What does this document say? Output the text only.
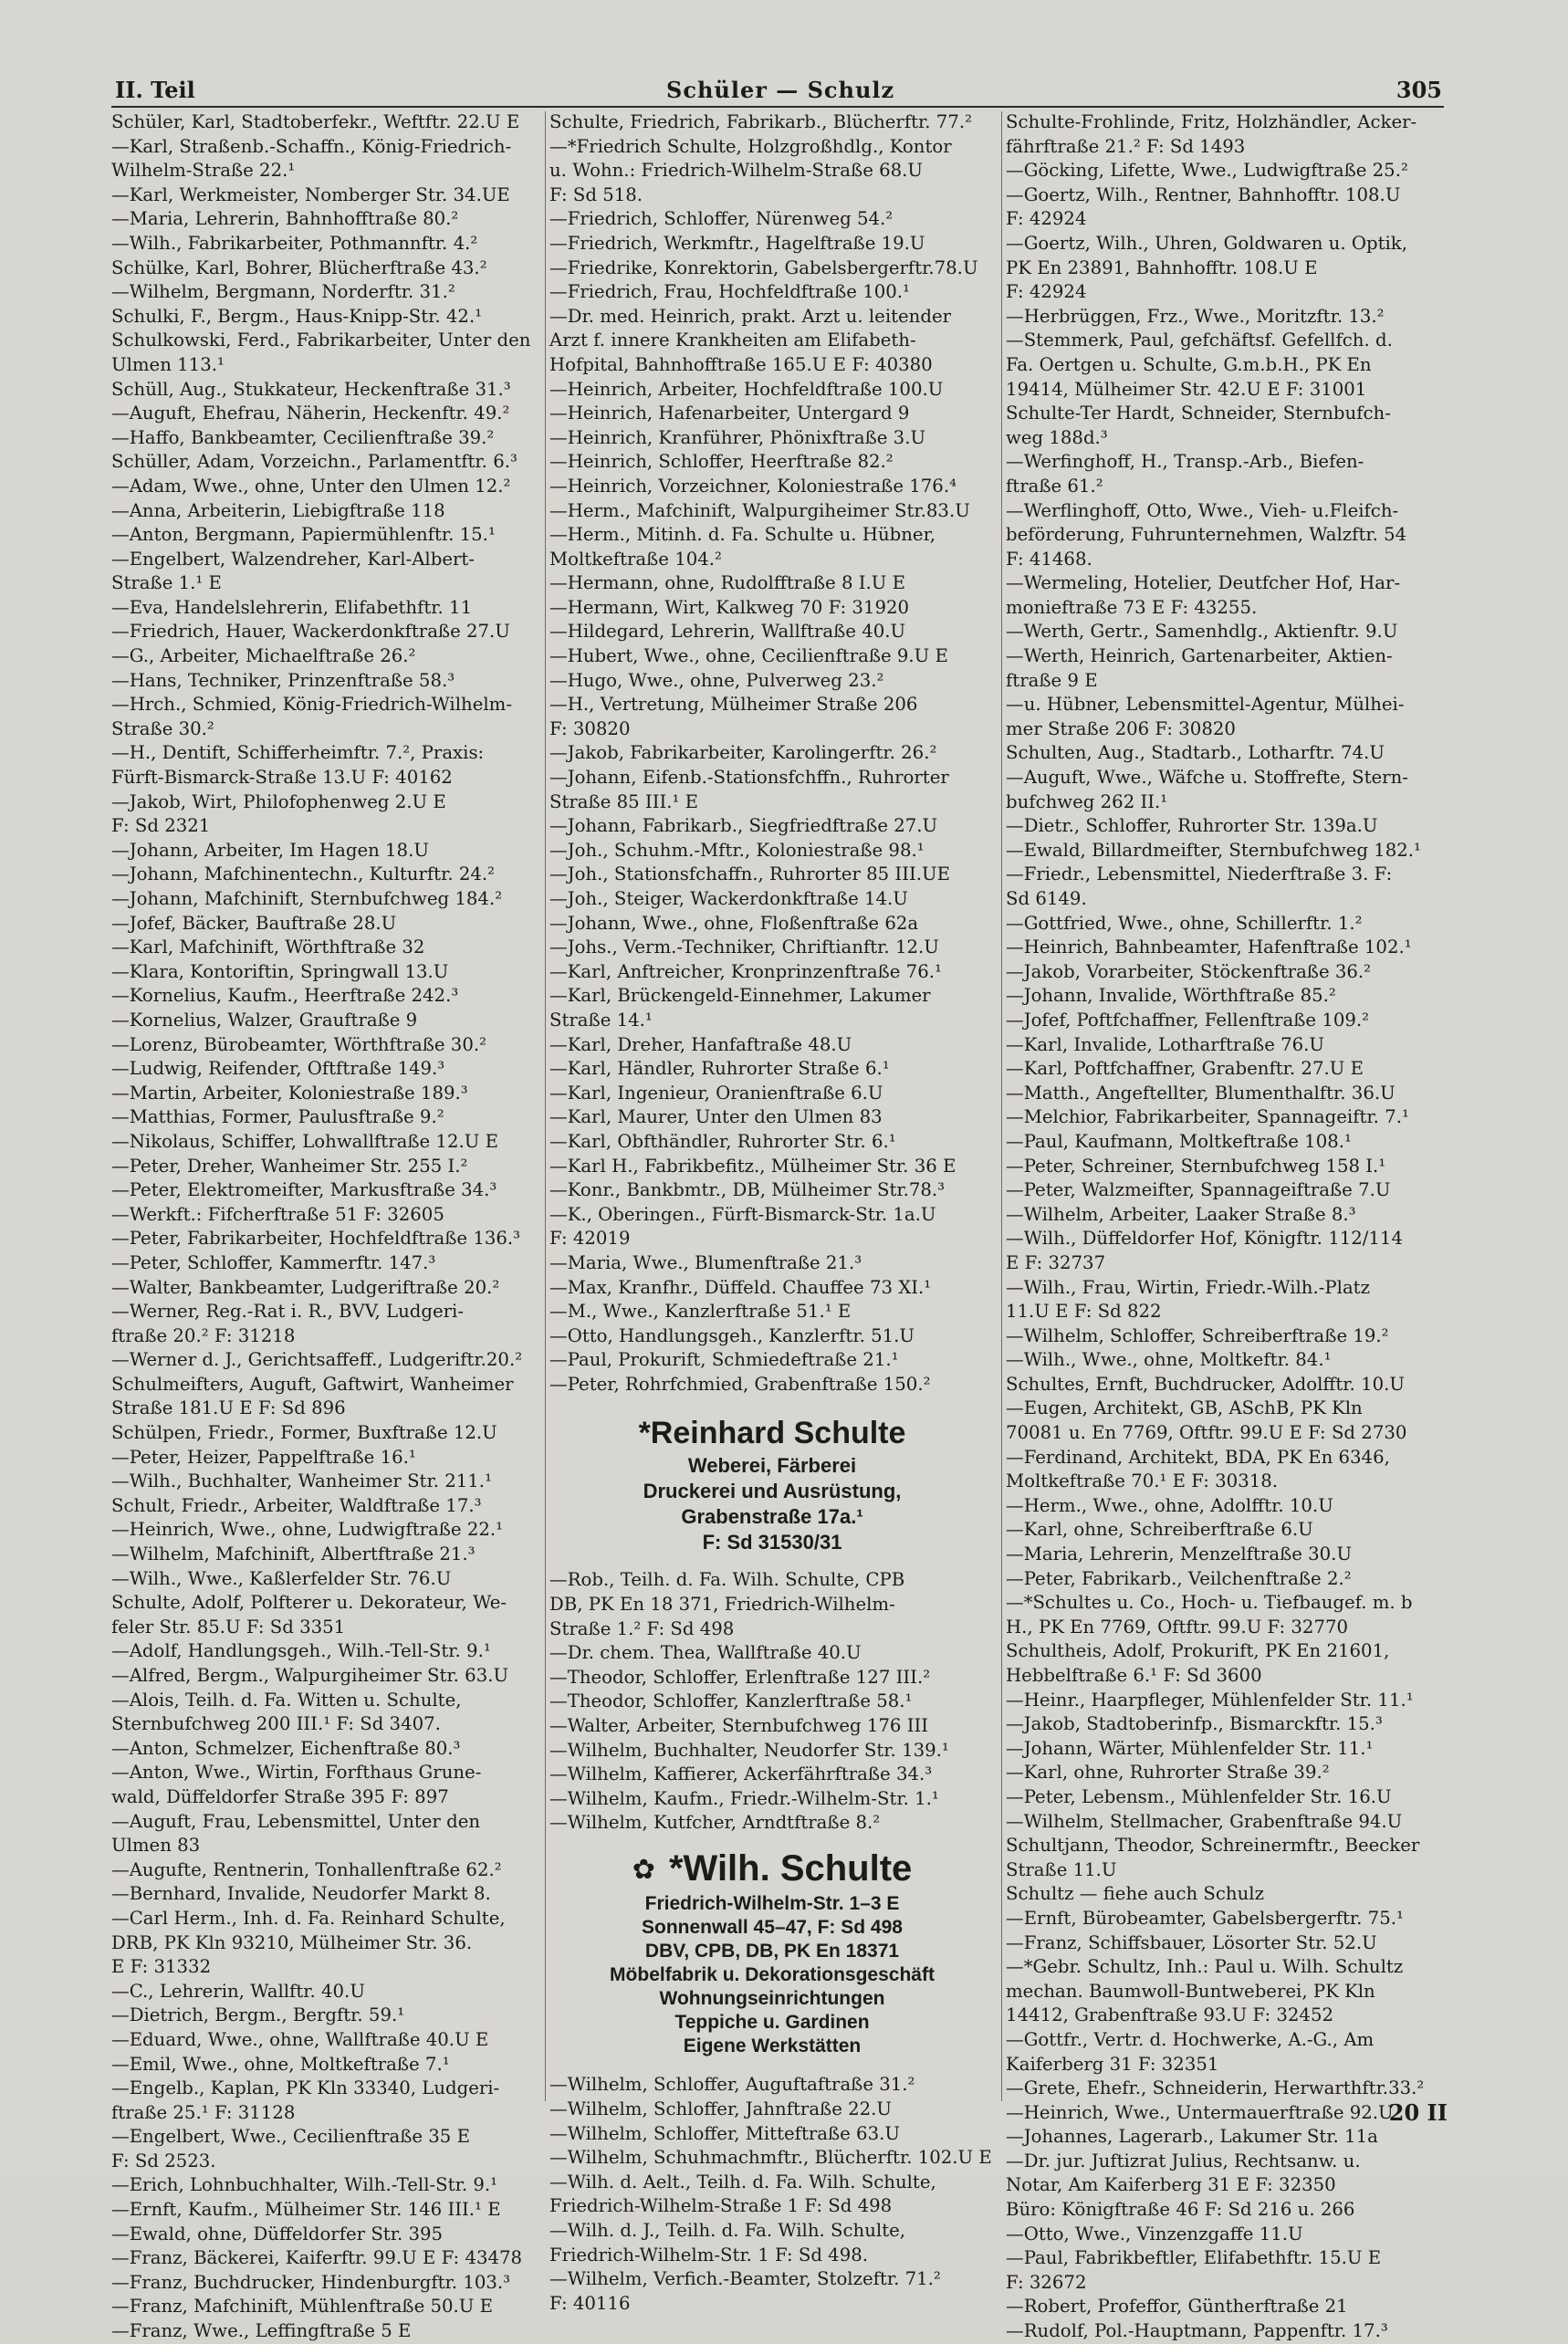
II. Teil	Schüler — Schulz	305
Schüler, Karl, Stadtoberfekr., Weftftr. 22.U E
—Karl, Straßenb.-Schaffn., König-Friedrich-
Wilhelm-Straße 22.¹
—Karl, Werkmeister, Nomberger Str. 34.UE
—Maria, Lehrerin, Bahnhofftraße 80.²
—Wilh., Fabrikarbeiter, Pothmannftr. 4.²
Schülke, Karl, Bohrer, Blücherftraße 43.²
—Wilhelm, Bergmann, Norderftr. 31.²
Schulki, F., Bergm., Haus-Knipp-Str. 42.¹
Schulkowski, Ferd., Fabrikarbeiter, Unter den
Ulmen 113.¹
Schüll, Aug., Stukkateur, Heckenftraße 31.³
—Auguft, Ehefrau, Näherin, Heckenftr. 49.²
—Haffo, Bankbeamter, Cecilienftraße 39.²
Schüller, Adam, Vorzeichn., Parlamentftr. 6.³
—Adam, Wwe., ohne, Unter den Ulmen 12.²
—Anna, Arbeiterin, Liebigftraße 118
—Anton, Bergmann, Papiermühlenftr. 15.¹
—Engelbert, Walzendreher, Karl-Albert-
Straße 1.¹ E
—Eva, Handelslehrerin, Elifabethftr. 11
—Friedrich, Hauer, Wackerdonkftraße 27.U
—G., Arbeiter, Michaelftraße 26.²
—Hans, Techniker, Prinzenftraße 58.³
—Hrch., Schmied, König-Friedrich-Wilhelm-
Straße 30.²
—H., Dentift, Schifferheimftr. 7.², Praxis:
Fürft-Bismarck-Straße 13.U F: 40162
—Jakob, Wirt, Philofophenweg 2.U E
F: Sd 2321
—Johann, Arbeiter, Im Hagen 18.U
—Johann, Mafchinentechn., Kulturftr. 24.²
—Johann, Mafchinift, Sternbufchweg 184.²
—Jofef, Bäcker, Bauftraße 28.U
—Karl, Mafchinift, Wörthftraße 32
—Klara, Kontoriftin, Springwall 13.U
—Kornelius, Kaufm., Heerftraße 242.³
—Kornelius, Walzer, Grauftraße 9
—Lorenz, Bürobeamter, Wörthftraße 30.²
—Ludwig, Reifender, Oftftraße 149.³
—Martin, Arbeiter, Koloniestraße 189.³
—Matthias, Former, Paulusftraße 9.²
—Nikolaus, Schiffer, Lohwallftraße 12.U E
—Peter, Dreher, Wanheimer Str. 255 I.²
—Peter, Elektromeifter, Markusftraße 34.³
—Werkft.: Fifcherftraße 51 F: 32605
—Peter, Fabrikarbeiter, Hochfeldftraße 136.³
—Peter, Schloffer, Kammerftr. 147.³
—Walter, Bankbeamter, Ludgeriftraße 20.²
—Werner, Reg.-Rat i. R., BVV, Ludgeri-
ftraße 20.² F: 31218
—Werner d. J., Gerichtsaffeff., Ludgeriftr.20.²
Schulmeifters, Auguft, Gaftwirt, Wanheimer
Straße 181.U E F: Sd 896
Schülpen, Friedr., Former, Buxftraße 12.U
—Peter, Heizer, Pappelftraße 16.¹
—Wilh., Buchhalter, Wanheimer Str. 211.¹
Schult, Friedr., Arbeiter, Waldftraße 17.³
—Heinrich, Wwe., ohne, Ludwigftraße 22.¹
—Wilhelm, Mafchinift, Albertftraße 21.³
—Wilh., Wwe., Kaßlerfelder Str. 76.U
Schulte, Adolf, Polfterer u. Dekorateur, We-
feler Str. 85.U F: Sd 3351
—Adolf, Handlungsgeh., Wilh.-Tell-Str. 9.¹
—Alfred, Bergm., Walpurgiheimer Str. 63.U
—Alois, Teilh. d. Fa. Witten u. Schulte,
Sternbufchweg 200 III.¹ F: Sd 3407.
—Anton, Schmelzer, Eichenftraße 80.³
—Anton, Wwe., Wirtin, Forfthaus Grune-
wald, Düffeldorfer Straße 395 F: 897
—Auguft, Frau, Lebensmittel, Unter den
Ulmen 83
—Augufte, Rentnerin, Tonhallenftraße 62.²
—Bernhard, Invalide, Neudorfer Markt 8.
—Carl Herm., Inh. d. Fa. Reinhard Schulte,
DRB, PK Kln 93210, Mülheimer Str. 36.
E F: 31332
—C., Lehrerin, Wallftr. 40.U
—Dietrich, Bergm., Bergftr. 59.¹
—Eduard, Wwe., ohne, Wallftraße 40.U E
—Emil, Wwe., ohne, Moltkeftraße 7.¹
—Engelb., Kaplan, PK Kln 33340, Ludgeri-
ftraße 25.¹ F: 31128
—Engelbert, Wwe., Cecilienftraße 35 E
F: Sd 2523.
—Erich, Lohnbuchhalter, Wilh.-Tell-Str. 9.¹
—Ernft, Kaufm., Mülheimer Str. 146 III.¹ E
—Ewald, ohne, Düffeldorfer Str. 395
—Franz, Bäckerei, Kaiferftr. 99.U E F: 43478
—Franz, Buchdrucker, Hindenburgftr. 103.³
—Franz, Mafchinift, Mühlenftraße 50.U E
—Franz, Wwe., Leffingftraße 5 E
Schulte, Friedrich, Fabrikarb., Blücherftr. 77.²
—*Friedrich Schulte, Holzgroßhdlg., Kontor
u. Wohn.: Friedrich-Wilhelm-Straße 68.U
F: Sd 518.
—Friedrich, Schloffer, Nürenweg 54.²
—Friedrich, Werkmftr., Hagelftraße 19.U
—Friedrike, Konrektorin, Gabelsbergerftr.78.U
—Friedrich, Frau, Hochfeldftraße 100.¹
—Dr. med. Heinrich, prakt. Arzt u. leitender
Arzt f. innere Krankheiten am Elifabeth-
Hofpital, Bahnhofftraße 165.U E F: 40380
—Heinrich, Arbeiter, Hochfeldftraße 100.U
—Heinrich, Hafenarbeiter, Untergard 9
—Heinrich, Kranführer, Phönixftraße 3.U
—Heinrich, Schloffer, Heerftraße 82.²
—Heinrich, Vorzeichner, Koloniestraße 176.⁴
—Herm., Mafchinift, Walpurgiheimer Str.83.U
—Herm., Mitinh. d. Fa. Schulte u. Hübner,
Moltkeftraße 104.²
—Hermann, ohne, Rudolfftraße 8 I.U E
—Hermann, Wirt, Kalkweg 70 F: 31920
—Hildegard, Lehrerin, Wallftraße 40.U
—Hubert, Wwe., ohne, Cecilienftraße 9.U E
—Hugo, Wwe., ohne, Pulverweg 23.²
—H., Vertretung, Mülheimer Straße 206
F: 30820
—Jakob, Fabrikarbeiter, Karolingerftr. 26.²
—Johann, Eifenb.-Stationsfchffn., Ruhrorter
Straße 85 III.¹ E
—Johann, Fabrikarb., Siegfriedftraße 27.U
—Joh., Schuhm.-Mftr., Koloniestraße 98.¹
—Joh., Stationsfchaffn., Ruhrorter 85 III.UE
—Joh., Steiger, Wackerdonkftraße 14.U
—Johann, Wwe., ohne, Floßenftraße 62a
—Johs., Verm.-Techniker, Chriftianftr. 12.U
—Karl, Anftreicher, Kronprinzenftraße 76.¹
—Karl, Brückengeld-Einnehmer, Lakumer
Straße 14.¹
—Karl, Dreher, Hanfaftraße 48.U
—Karl, Händler, Ruhrorter Straße 6.¹
—Karl, Ingenieur, Oranienftraße 6.U
—Karl, Maurer, Unter den Ulmen 83
—Karl, Obfthändler, Ruhrorter Str. 6.¹
—Karl H., Fabrikbefitz., Mülheimer Str. 36 E
—Konr., Bankbmtr., DB, Mülheimer Str.78.³
—K., Oberingen., Fürft-Bismarck-Str. 1a.U
F: 42019
—Maria, Wwe., Blumenftraße 21.³
—Max, Kranfhr., Düffeld. Chauffee 73 XI.¹
—M., Wwe., Kanzlerftraße 51.¹ E
—Otto, Handlungsgeh., Kanzlerftr. 51.U
—Paul, Prokurift, Schmiedeftraße 21.¹
—Peter, Rohrfchmied, Grabenftraße 150.²
*Reinhard Schulte
Weberei, Färberei
Druckerei und Ausrüstung,
Grabenstraße 17a.¹
F: Sd 31530/31
—Rob., Teilh. d. Fa. Wilh. Schulte, CPB
DB, PK En 18 371, Friedrich-Wilhelm-
Straße 1.² F: Sd 498
—Dr. chem. Thea, Wallftraße 40.U
—Theodor, Schloffer, Erlenftraße 127 III.²
—Theodor, Schloffer, Kanzlerftraße 58.¹
—Walter, Arbeiter, Sternbufchweg 176 III
—Wilhelm, Buchhalter, Neudorfer Str. 139.¹
—Wilhelm, Kaffierer, Ackerfährftraße 34.³
—Wilhelm, Kaufm., Friedr.-Wilhelm-Str. 1.¹
—Wilhelm, Kutfcher, Arndtftraße 8.²
✿ *Wilh. Schulte
Friedrich-Wilhelm-Str. 1–3 E
Sonnenwall 45–47, F: Sd 498
DBV, CPB, DB, PK En 18371
Möbelfabrik u. Dekorationsgeschäft
Wohnungseinrichtungen
Teppiche u. Gardinen
Eigene Werkstätten
—Wilhelm, Schloffer, Auguftaftraße 31.²
—Wilhelm, Schloffer, Jahnftraße 22.U
—Wilhelm, Schloffer, Mitteftraße 63.U
—Wilhelm, Schuhmachmftr., Blücherftr. 102.U E
—Wilh. d. Aelt., Teilh. d. Fa. Wilh. Schulte,
Friedrich-Wilhelm-Straße 1 F: Sd 498
—Wilh. d. J., Teilh. d. Fa. Wilh. Schulte,
Friedrich-Wilhelm-Str. 1 F: Sd 498.
—Wilhelm, Verfich.-Beamter, Stolzeftr. 71.²
F: 40116
Schulte-Frohlinde, Fritz, Holzhändler, Acker-
fährftraße 21.² F: Sd 1493
—Göcking, Lifette, Wwe., Ludwigftraße 25.²
—Goertz, Wilh., Rentner, Bahnhofftr. 108.U
F: 42924
—Goertz, Wilh., Uhren, Goldwaren u. Optik,
PK En 23891, Bahnhofftr. 108.U E
F: 42924
—Herbrüggen, Frz., Wwe., Moritzftr. 13.²
—Stemmerk, Paul, gefchäftsf. Gefellfch. d.
Fa. Oertgen u. Schulte, G.m.b.H., PK En
19414, Mülheimer Str. 42.U E F: 31001
Schulte-Ter Hardt, Schneider, Sternbufch-
weg 188d.³
—Werfinghoff, H., Transp.-Arb., Biefen-
ftraße 61.²
—Werflinghoff, Otto, Wwe., Vieh- u.Fleifch-
beförderung, Fuhrunternehmen, Walzftr. 54
F: 41468.
—Wermeling, Hotelier, Deutfcher Hof, Har-
monieftraße 73 E F: 43255.
—Werth, Gertr., Samenhdlg., Aktienftr. 9.U
—Werth, Heinrich, Gartenarbeiter, Aktien-
ftraße 9 E
—u. Hübner, Lebensmittel-Agentur, Mülhei-
mer Straße 206 F: 30820
Schulten, Aug., Stadtarb., Lotharftr. 74.U
—Auguft, Wwe., Wäfche u. Stoffrefte, Stern-
bufchweg 262 II.¹
—Dietr., Schloffer, Ruhrorter Str. 139a.U
—Ewald, Billardmeifter, Sternbufchweg 182.¹
—Friedr., Lebensmittel, Niederftraße 3. F:
Sd 6149.
—Gottfried, Wwe., ohne, Schillerftr. 1.²
—Heinrich, Bahnbeamter, Hafenftraße 102.¹
—Jakob, Vorarbeiter, Stöckenftraße 36.²
—Johann, Invalide, Wörthftraße 85.²
—Jofef, Poftfchaffner, Fellenftraße 109.²
—Karl, Invalide, Lotharftraße 76.U
—Karl, Poftfchaffner, Grabenftr. 27.U E
—Matth., Angeftellter, Blumenthalftr. 36.U
—Melchior, Fabrikarbeiter, Spannageiftr. 7.¹
—Paul, Kaufmann, Moltkeftraße 108.¹
—Peter, Schreiner, Sternbufchweg 158 I.¹
—Peter, Walzmeifter, Spannageiftraße 7.U
—Wilhelm, Arbeiter, Laaker Straße 8.³
—Wilh., Düffeldorfer Hof, Königftr. 112/114
E F: 32737
—Wilh., Frau, Wirtin, Friedr.-Wilh.-Platz
11.U E F: Sd 822
—Wilhelm, Schloffer, Schreiberftraße 19.²
—Wilh., Wwe., ohne, Moltkeftr. 84.¹
Schultes, Ernft, Buchdrucker, Adolfftr. 10.U
—Eugen, Architekt, GB, ASchB, PK Kln
70081 u. En 7769, Oftftr. 99.U E F: Sd 2730
—Ferdinand, Architekt, BDA, PK En 6346,
Moltkeftraße 70.¹ E F: 30318.
—Herm., Wwe., ohne, Adolfftr. 10.U
—Karl, ohne, Schreiberftraße 6.U
—Maria, Lehrerin, Menzelftraße 30.U
—Peter, Fabrikarb., Veilchenftraße 2.²
—*Schultes u. Co., Hoch- u. Tiefbaugef. m. b
H., PK En 7769, Oftftr. 99.U F: 32770
Schultheis, Adolf, Prokurift, PK En 21601,
Hebbelftraße 6.¹ F: Sd 3600
—Heinr., Haarpfleger, Mühlenfelder Str. 11.¹
—Jakob, Stadtoberinfp., Bismarckftr. 15.³
—Johann, Wärter, Mühlenfelder Str. 11.¹
—Karl, ohne, Ruhrorter Straße 39.²
—Peter, Lebensm., Mühlenfelder Str. 16.U
—Wilhelm, Stellmacher, Grabenftraße 94.U
Schultjann, Theodor, Schreinermftr., Beecker
Straße 11.U
Schultz — fiehe auch Schulz
—Ernft, Bürobeamter, Gabelsbergerftr. 75.¹
—Franz, Schiffsbauer, Lösorter Str. 52.U
—*Gebr. Schultz, Inh.: Paul u. Wilh. Schultz
mechan. Baumwoll-Buntweberei, PK Kln
14412, Grabenftraße 93.U F: 32452
—Gottfr., Vertr. d. Hochwerke, A.-G., Am
Kaiferberg 31 F: 32351
—Grete, Ehefr., Schneiderin, Herwarthftr.33.²
—Heinrich, Wwe., Untermauerftraße 92.U
—Johannes, Lagerarb., Lakumer Str. 11a
—Dr. jur. Juftizrat Julius, Rechtsanw. u.
Notar, Am Kaiferberg 31 E F: 32350
Büro: Königftraße 46 F: Sd 216 u. 266
—Otto, Wwe., Vinzenzgaffe 11.U
—Paul, Fabrikbeftler, Elifabethftr. 15.U E
F: 32672
—Robert, Profeffor, Güntherftraße 21
—Rudolf, Pol.-Hauptmann, Pappenftr. 17.³
20 II
